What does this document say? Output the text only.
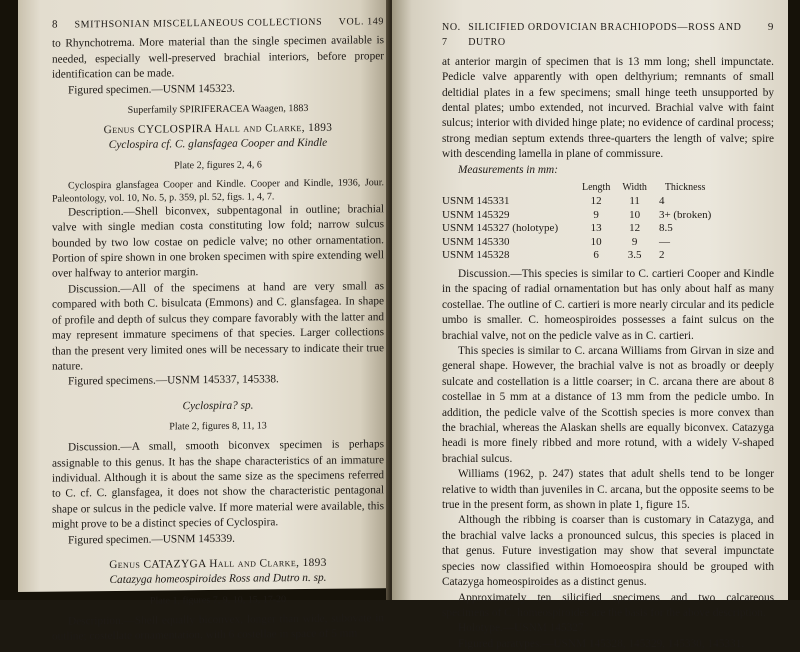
8 SMITHSONIAN MISCELLANEOUS COLLECTIONS VOL. 149

to Rhynchotrema. More material than the single specimen available is needed, especially well-preserved brachial interiors, before proper identification can be made.

Figured specimen.—USNM 145323.

Superfamily SPIRIFERACEA Waagen, 1883

Genus CYCLOSPIRA Hall and Clarke, 1893

Cyclospira cf. C. glansfagea Cooper and Kindle

Plate 2, figures 2, 4, 6

Cyclospira glansfagea Cooper and Kindle. Cooper and Kindle, 1936, Jour. Paleontology, vol. 10, No. 5, p. 359, pl. 52, figs. 1, 4, 7.

Description.—Shell biconvex, subpentagonal in outline; brachial valve with single median costa constituting low fold; narrow sulcus bounded by two low costae on pedicle valve; no other ornamentation. Portion of spire shown in one broken specimen with spire extending well over halfway to anterior margin.

Discussion.—All of the specimens at hand are very small as compared with both C. bisulcata (Emmons) and C. glansfagea. In shape of profile and depth of sulcus they compare favorably with the latter and may represent immature specimens of that species. Larger collections than the present very limited ones will be necessary to indicate their true nature.

Figured specimens.—USNM 145337, 145338.

Cyclospira? sp.

Plate 2, figures 8, 11, 13

Discussion.—A small, smooth biconvex specimen is perhaps assignable to this genus. It has the shape characteristics of an immature individual. Although it is about the same size as the specimens referred to C. cf. C. glansfagea, it does not show the characteristic pentagonal shape or sulcus in the pedicle valve. If more material were available, this might prove to be a distinct species of Cyclospira.

Figured specimen.—USNM 145339.

Genus CATAZYGA Hall and Clarke, 1893

Catazyga homeospiroides Ross and Dutro n. sp.

Plate 1, figures 7, 9, 10, 15, 17-20

Description.—Shell equally biconvex, longer than wide, subovate in outline; costellate ornamentation, with 6 costellae in space of 5 mm

NO. 7
SILICIFIED ORDOVICIAN BRACHIOPODS—ROSS AND DUTRO
9

at anterior margin of specimen that is 13 mm long; shell impunctate. Pedicle valve apparently with open delthyrium; remnants of small deltidial plates in a few specimens; small hinge teeth unsupported by dental plates; umbo extended, not incurved. Brachial valve with faint sulcus; interior with divided hinge plate; no evidence of cardinal process; strong median septum extends three-quarters the length of valve; spire with descending lamella in plane of commissure.

Measurements in mm:

	Length	Width	Thickness
USNM 145331	12	11	4
USNM 145329	9	10	3+ (broken)
USNM 145327 (holotype)	13	12	8.5
USNM 145330	10	9	—
USNM 145328	6	3.5	2

Discussion.—This species is similar to C. cartieri Cooper and Kindle in the spacing of radial ornamentation but has only about half as many costellae. The outline of C. cartieri is more nearly circular and its pedicle umbo is smaller. C. homeospiroides possesses a faint sulcus on the brachial valve, not on the pedicle valve as in C. cartieri.

This species is similar to C. arcana Williams from Girvan in size and general shape. However, the brachial valve is not as broadly or deeply sulcate and costellation is a little coarser; in C. arcana there are about 8 costellae in 5 mm at a distance of 13 mm from the pedicle umbo. In addition, the pedicle valve of the Scottish species is more convex than the brachial, whereas the Alaskan shells are equally biconvex. Catazyga headi is more finely ribbed and more rotund, with a widely V-shaped brachial sulcus.

Williams (1962, p. 247) states that adult shells tend to be longer relative to width than juveniles in C. arcana, but the opposite seems to be true in the present form, as shown in plate 1, figure 15.

Although the ribbing is coarser than is customary in Catazyga, and the brachial valve lacks a pronounced sulcus, this species is placed in that genus. Future investigation may show that several impunctate species now classified within Homoeospira should be grouped with Catazyga homeospiroides as a distinct genus.

Approximately ten silicified specimens and two calcareous specimens of C. homeospiroides are the basis for the above description.

Holotype.—USNM 145327.

Figured paratypes.—USNM 145328, 145329, 145330, 145331.
